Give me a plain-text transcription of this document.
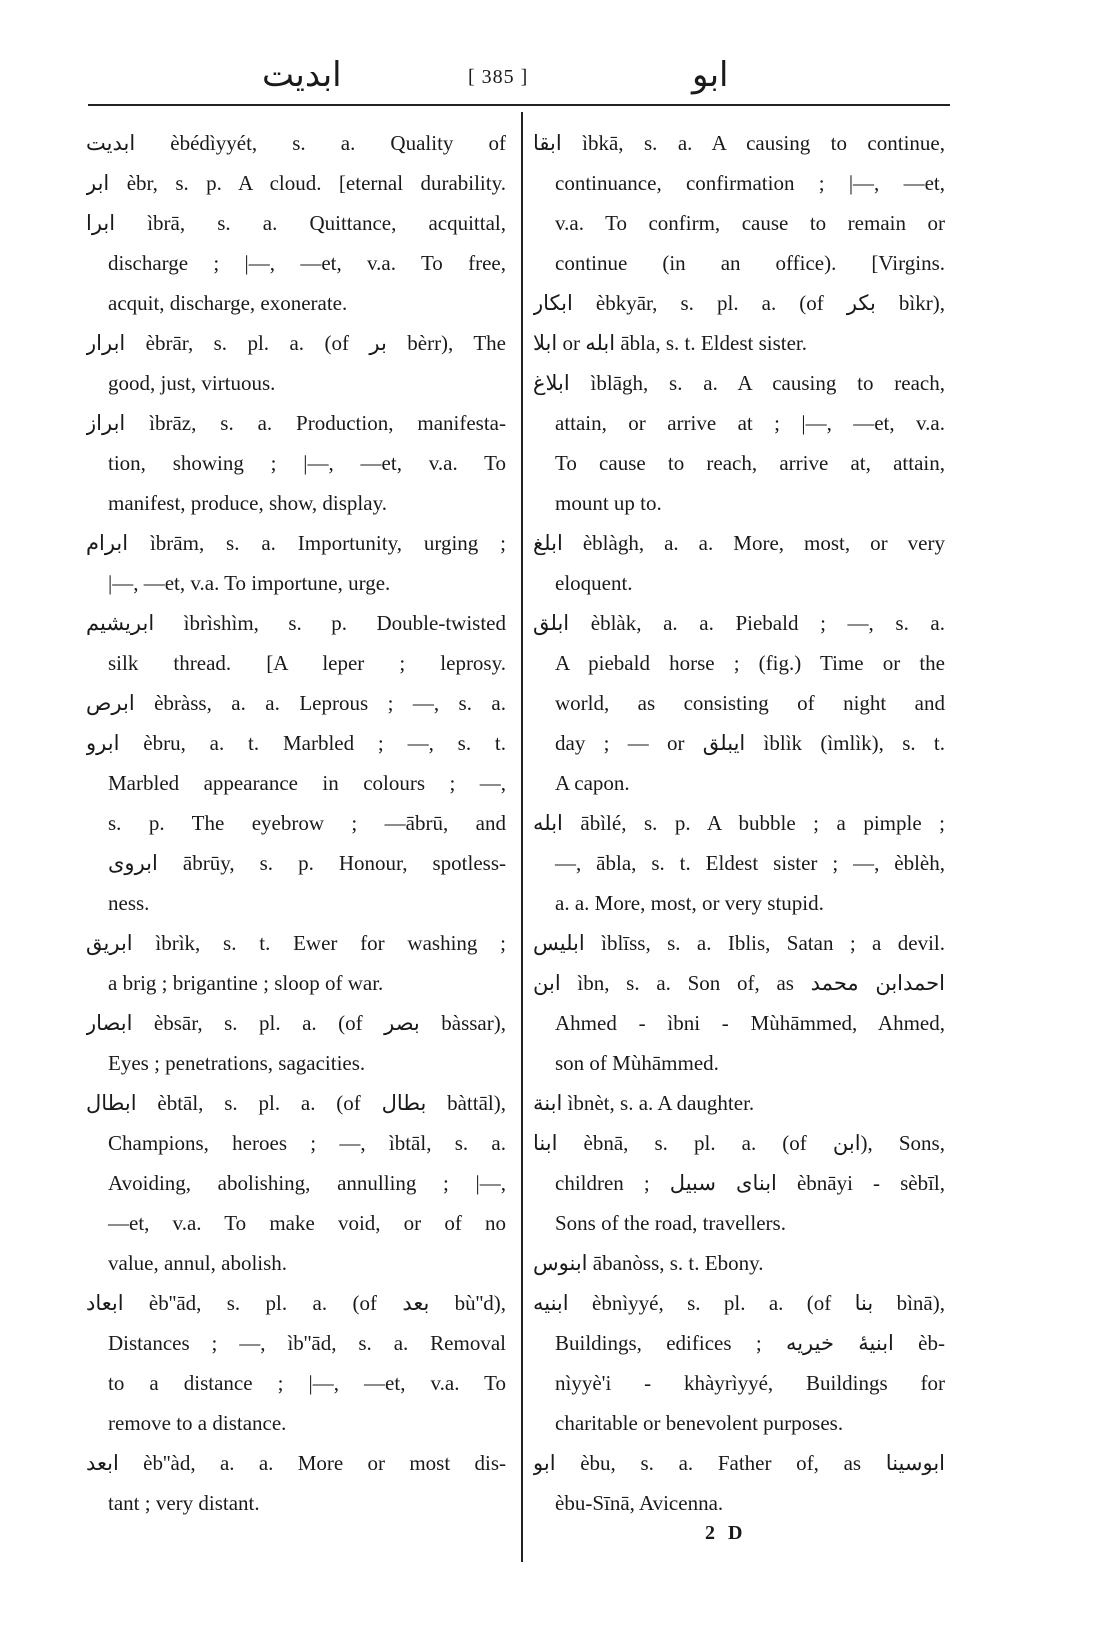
ابدیت	[ 385 ]	ابو
ابدیت èbédìyyét, s. a. Quality of
ابر èbr, s. p. A cloud. [eternal durability.
ابرا ìbrā, s. a. Quittance, acquittal,
discharge ; |—, —et, v.a. To free,
acquit, discharge, exonerate.
ابرار èbrār, s. pl. a. (of بر bèrr), The
good, just, virtuous.
ابراز ìbrāz, s. a. Production, manifesta-
tion, showing ; |—, —et, v.a. To
manifest, produce, show, display.
ابرام ìbrām, s. a. Importunity, urging ;
|—, —et, v.a. To importune, urge.
ابریشیم ìbrìshìm, s. p. Double-twisted
silk thread. [A leper ; leprosy.
ابرص èbràss, a. a. Leprous ; —, s. a.
ابرو èbru, a. t. Marbled ; —, s. t.
Marbled appearance in colours ; —,
s. p. The eyebrow ; —ābrū, and
ابروی ābrūy, s. p. Honour, spotless-
ness.
ابریق ìbrìk, s. t. Ewer for washing ;
a brig ; brigantine ; sloop of war.
ابصار èbsār, s. pl. a. (of بصر bàssar),
Eyes ; penetrations, sagacities.
ابطال èbtāl, s. pl. a. (of بطال bàttāl),
Champions, heroes ; —, ìbtāl, s. a.
Avoiding, abolishing, annulling ; |—,
—et, v.a. To make void, or of no
value, annul, abolish.
ابعاد èb''ād, s. pl. a. (of بعد bù''d),
Distances ; —, ìb''ād, s. a. Removal
to a distance ; |—, —et, v.a. To
remove to a distance.
ابعد èb''àd, a. a. More or most dis-
tant ; very distant.
ابقا ìbkā, s. a. A causing to continue,
continuance, confirmation ; |—, —et,
v.a. To confirm, cause to remain or
continue (in an office). [Virgins.
ابکار èbkyār, s. pl. a. (of بکر bìkr),
ابلا or ابله ābla, s. t. Eldest sister.
ابلاغ ìblāgh, s. a. A causing to reach,
attain, or arrive at ; |—, —et, v.a.
To cause to reach, arrive at, attain,
mount up to.
ابلغ èblàgh, a. a. More, most, or very
eloquent.
ابلق èblàk, a. a. Piebald ; —, s. a.
A piebald horse ; (fig.) Time or the
world, as consisting of night and
day ; — or ایبلق ìblìk (ìmlìk), s. t.
A capon.
ابله ābìlé, s. p. A bubble ; a pimple ;
—, ābla, s. t. Eldest sister ; —, èblèh,
a. a. More, most, or very stupid.
ابلیس ìblīss, s. a. Iblis, Satan ; a devil.
ابن ìbn, s. a. Son of, as احمدابن محمد
Ahmed - ìbni - Mùhāmmed, Ahmed,
son of Mùhāmmed.
ابنة ìbnèt, s. a. A daughter.
ابنا èbnā, s. pl. a. (of ابن), Sons,
children ; ابنای سبیل èbnāyi - sèbīl,
Sons of the road, travellers.
ابنوس ābanòss, s. t. Ebony.
ابنیه èbnìyyé, s. pl. a. (of بنا bìnā),
Buildings, edifices ; ابنیهٔ خیریه èb-
nìyyè'i - khàyrìyyé, Buildings for
charitable or benevolent purposes.
ابو èbu, s. a. Father of, as ابوسینا
èbu-Sīnā, Avicenna.
2 D
